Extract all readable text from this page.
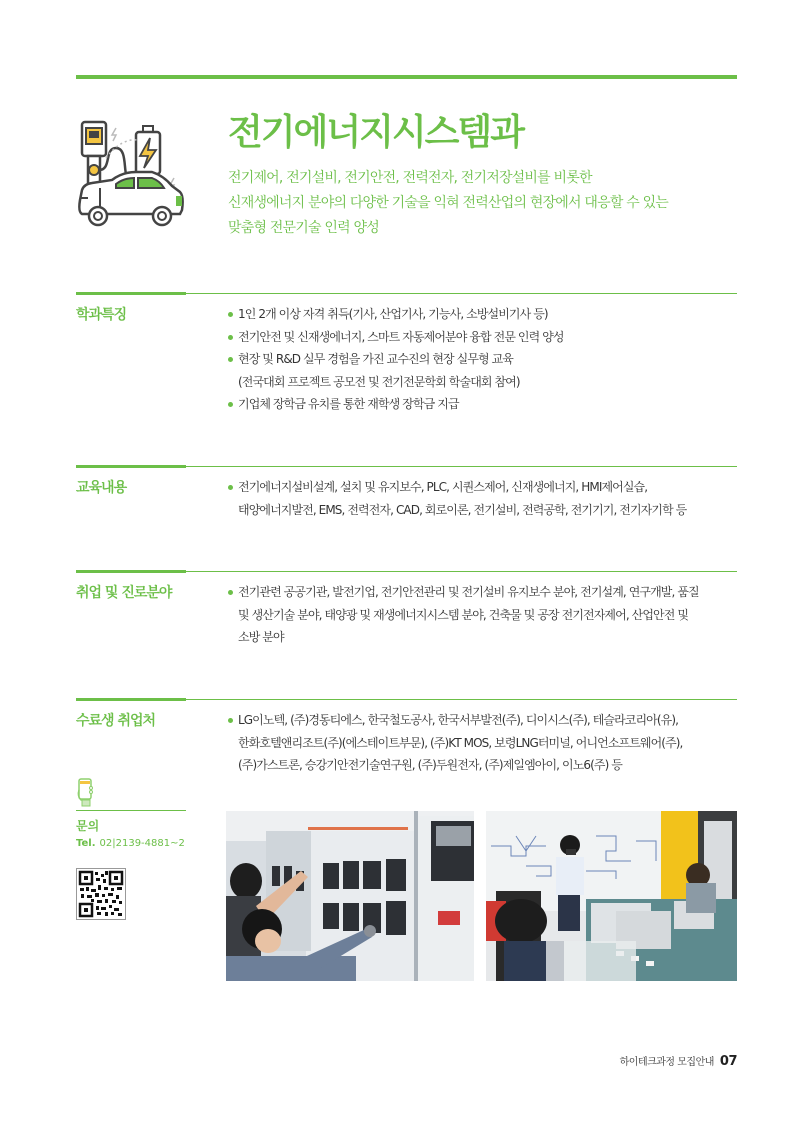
전기에너지시스템과
전기제어, 전기설비, 전기안전, 전력전자, 전기저장설비를 비롯한
신재생에너지 분야의 다양한 기술을 익혀 전력산업의 현장에서 대응할 수 있는
맞춤형 전문기술 인력 양성
학과특징	1인 2개 이상 자격 취득(기사, 산업기사, 기능사, 소방설비기사 등)
전기안전 및 신재생에너지, 스마트 자동제어분야 융합 전문 인력 양성
현장 및 R&D 실무 경험을 가진 교수진의 현장 실무형 교육
(전국대회 프로젝트 공모전 및 전기전문학회 학술대회 참여)
기업체 장학금 유치를 통한 재학생 장학금 지급
교육내용	전기에너지설비설계, 설치 및 유지보수, PLC, 시퀀스제어, 신재생에너지, HMI제어실습,
태양에너지발전, EMS, 전력전자, CAD, 회로이론, 전기설비, 전력공학, 전기기기, 전기자기학 등
취업 및 진로분야	전기관련 공공기관, 발전기업, 전기안전관리 및 전기설비 유지보수 분야, 전기설계, 연구개발, 품질
및 생산기술 분야, 태양광 및 재생에너지시스템 분야, 건축물 및 공장 전기전자제어, 산업안전 및
소방 분야
수료생 취업처	LG이노텍, (주)경동티에스, 한국철도공사, 한국서부발전(주), 디이시스(주), 테슬라코리아(유),
한화호텔앤리조트(주)(에스테이트부문), (주)KT MOS, 보령LNG터미널, 어니언소프트웨어(주),
(주)가스트론, 승강기안전기술연구원, (주)두원전자, (주)제일엠아이, 이노6(주) 등
문의
Tel. 02|2139-4881~2
하이테크과정 모집안내 07
